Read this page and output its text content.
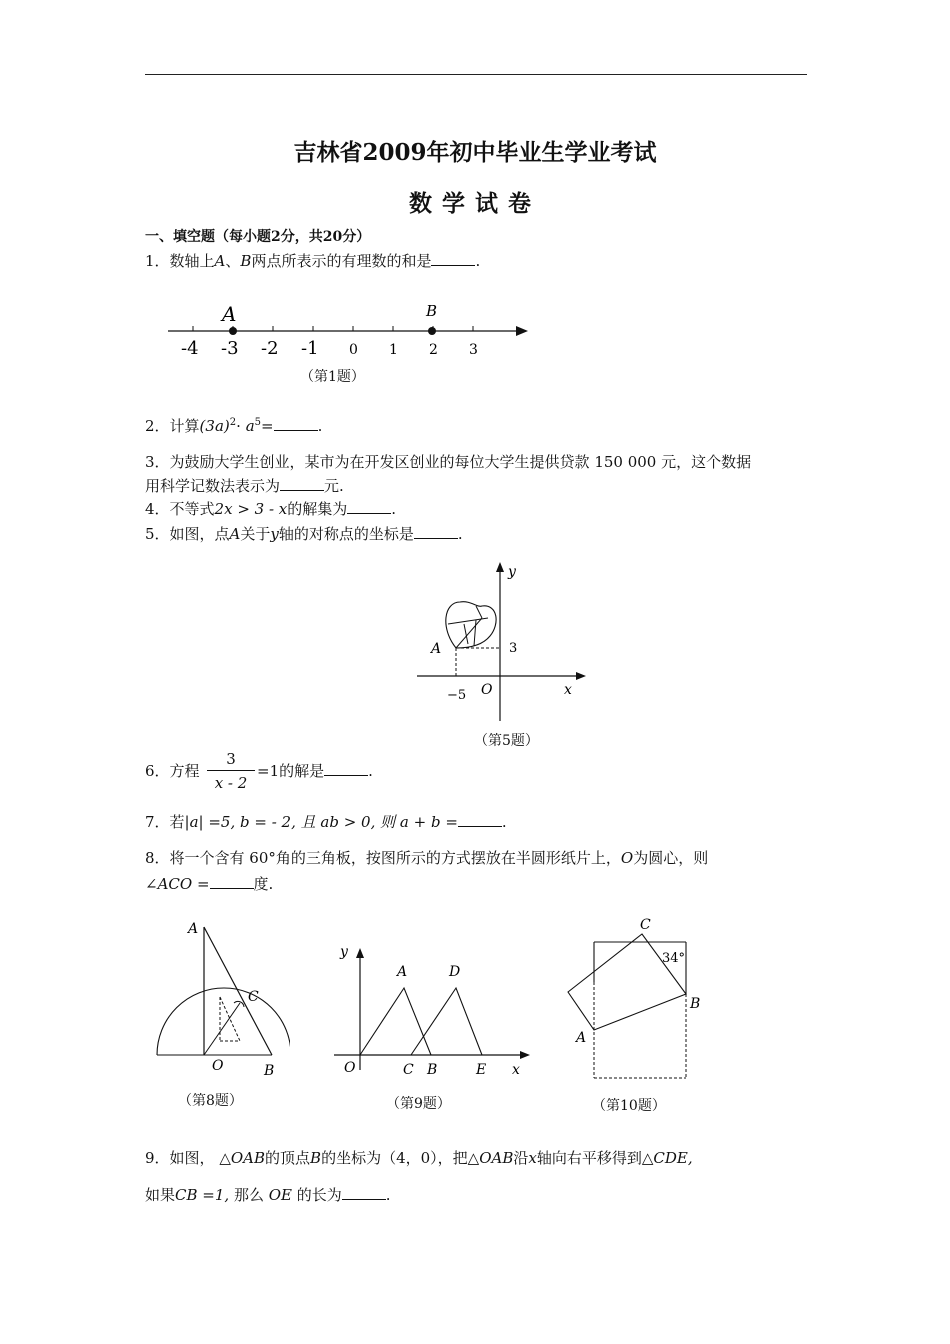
吉林省2009年初中毕业生学业考试
数学试卷
一、填空题（每小题2分，共20分）
1．数轴上A、B两点所表示的有理数的和是	.
-4 -3 -2 -1 0 1 2 3
A	B
（第1题）
2．计算$(3a)^2\cdot a^5=$	.
3．为鼓励大学生创业，某市为在开发区创业的每位大学生提供贷款 150 000 元，这个数据
用科学记数法表示为	元.
4．不等式2x > 3 - x的解集为	.
5．如图，点A关于y轴的对称点的坐标是	.
y
x
O
A	3
−5
（第5题）
6．方程
3
x - 2
=1的解是	.
7．若|a| =5, b = - 2, 且 ab > 0, 则 a + b =	.
8．将一个含有 60°角的三角板，按图所示的方式摆放在半圆形纸片上，O为圆心，则
∠ACO =	度.
A
C
O	B
（第8题）
y
A	D
O	C B	E x
（第9题）
C
34°
B
A
（第10题）
9．如图， △OAB的顶点B的坐标为（4，0），把△OAB沿x轴向右平移得到△CDE,
如果CB =1, 那么 OE 的长为	.
